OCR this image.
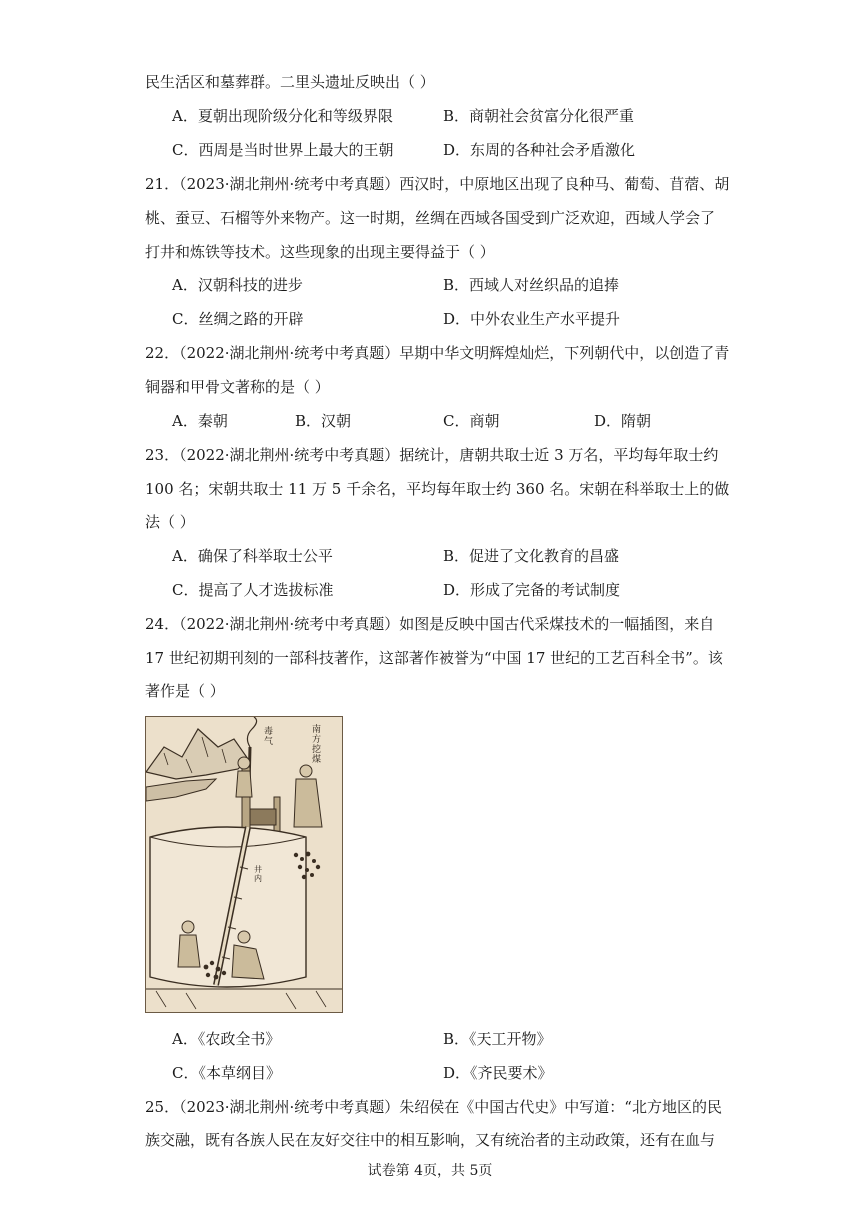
民生活区和墓葬群。二里头遗址反映出（ ）
A．夏朝出现阶级分化和等级界限	B．商朝社会贫富分化很严重
C．西周是当时世界上最大的王朝	D．东周的各种社会矛盾激化
21．（2023·湖北荆州·统考中考真题）西汉时，中原地区出现了良种马、葡萄、苜蓿、胡
桃、蚕豆、石榴等外来物产。这一时期，丝绸在西域各国受到广泛欢迎，西域人学会了
打井和炼铁等技术。这些现象的出现主要得益于（ ）
A．汉朝科技的进步	B．西域人对丝织品的追捧
C．丝绸之路的开辟	D．中外农业生产水平提升
22．（2022·湖北荆州·统考中考真题）早期中华文明辉煌灿烂，下列朝代中，以创造了青
铜器和甲骨文著称的是（ ）
A．秦朝	B．汉朝	C．商朝	D．隋朝
23．（2022·湖北荆州·统考中考真题）据统计，唐朝共取士近 3 万名，平均每年取士约
100 名；宋朝共取士 11 万 5 千余名，平均每年取士约 360 名。宋朝在科举取士上的做
法（ ）
A．确保了科举取士公平	B．促进了文化教育的昌盛
C．提高了人才选拔标准	D．形成了完备的考试制度
24．（2022·湖北荆州·统考中考真题）如图是反映中国古代采煤技术的一幅插图，来自
17 世纪初期刊刻的一部科技著作，这部著作被誉为“中国 17 世纪的工艺百科全书”。该
著作是（ ）
南方挖煤
毒气
井内
A．《农政全书》	B．《天工开物》
C．《本草纲目》	D．《齐民要术》
25．（2023·湖北荆州·统考中考真题）朱绍侯在《中国古代史》中写道：“北方地区的民
族交融，既有各族人民在友好交往中的相互影响，又有统治者的主动政策，还有在血与
试卷第 4页，共 5页
